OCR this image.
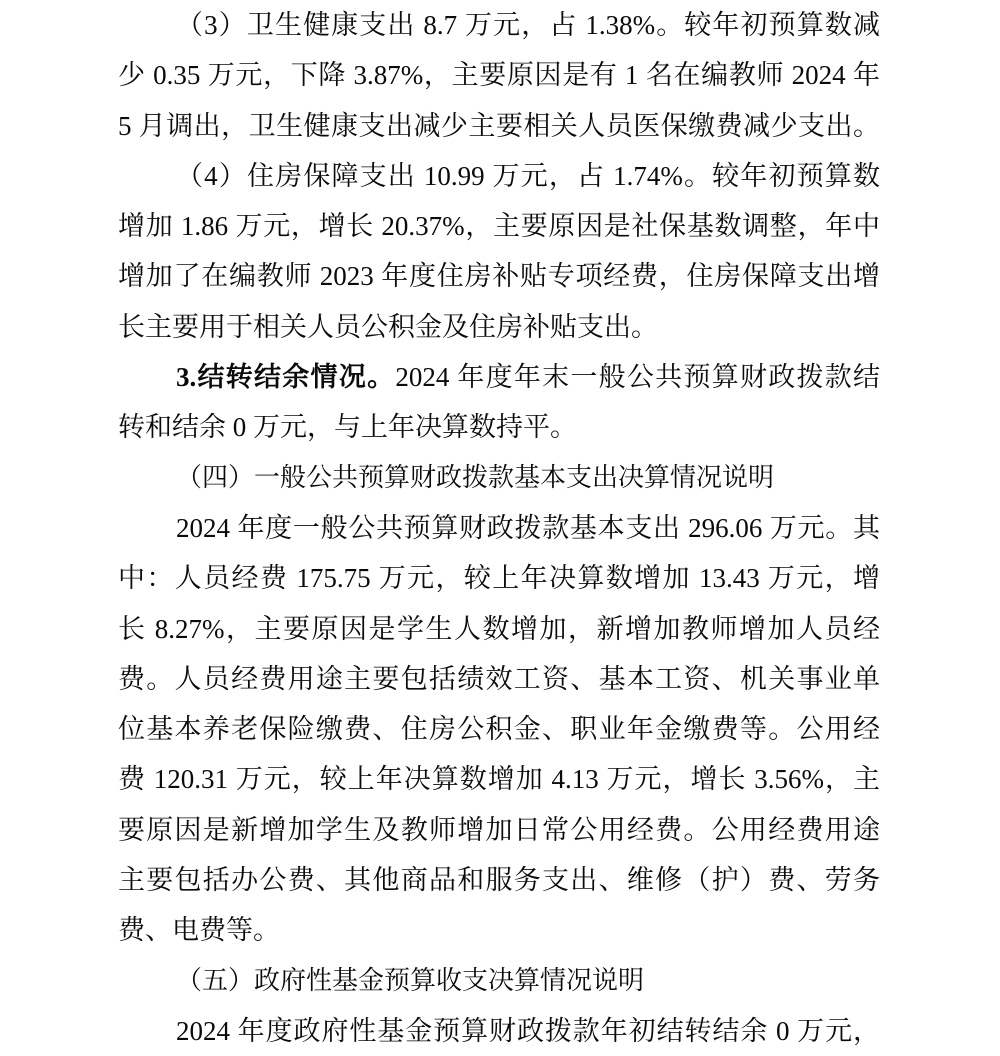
（3）卫生健康支出 8.7 万元，占 1.38%。较年初预算数减
少 0.35 万元，下降 3.87%，主要原因是有 1 名在编教师 2024 年
5 月调出，卫生健康支出减少主要相关人员医保缴费减少支出。
（4）住房保障支出 10.99 万元，占 1.74%。较年初预算数
增加 1.86 万元，增长 20.37%，主要原因是社保基数调整，年中
增加了在编教师 2023 年度住房补贴专项经费，住房保障支出增
长主要用于相关人员公积金及住房补贴支出。
3.结转结余情况。2024 年度年末一般公共预算财政拨款结
转和结余 0 万元，与上年决算数持平。
（四）一般公共预算财政拨款基本支出决算情况说明
2024 年度一般公共预算财政拨款基本支出 296.06 万元。其
中：人员经费 175.75 万元，较上年决算数增加 13.43 万元，增
长 8.27%，主要原因是学生人数增加，新增加教师增加人员经
费。人员经费用途主要包括绩效工资、基本工资、机关事业单
位基本养老保险缴费、住房公积金、职业年金缴费等。公用经
费 120.31 万元，较上年决算数增加 4.13 万元，增长 3.56%，主
要原因是新增加学生及教师增加日常公用经费。公用经费用途
主要包括办公费、其他商品和服务支出、维修（护）费、劳务
费、电费等。
（五）政府性基金预算收支决算情况说明
2024 年度政府性基金预算财政拨款年初结转结余 0 万元，
